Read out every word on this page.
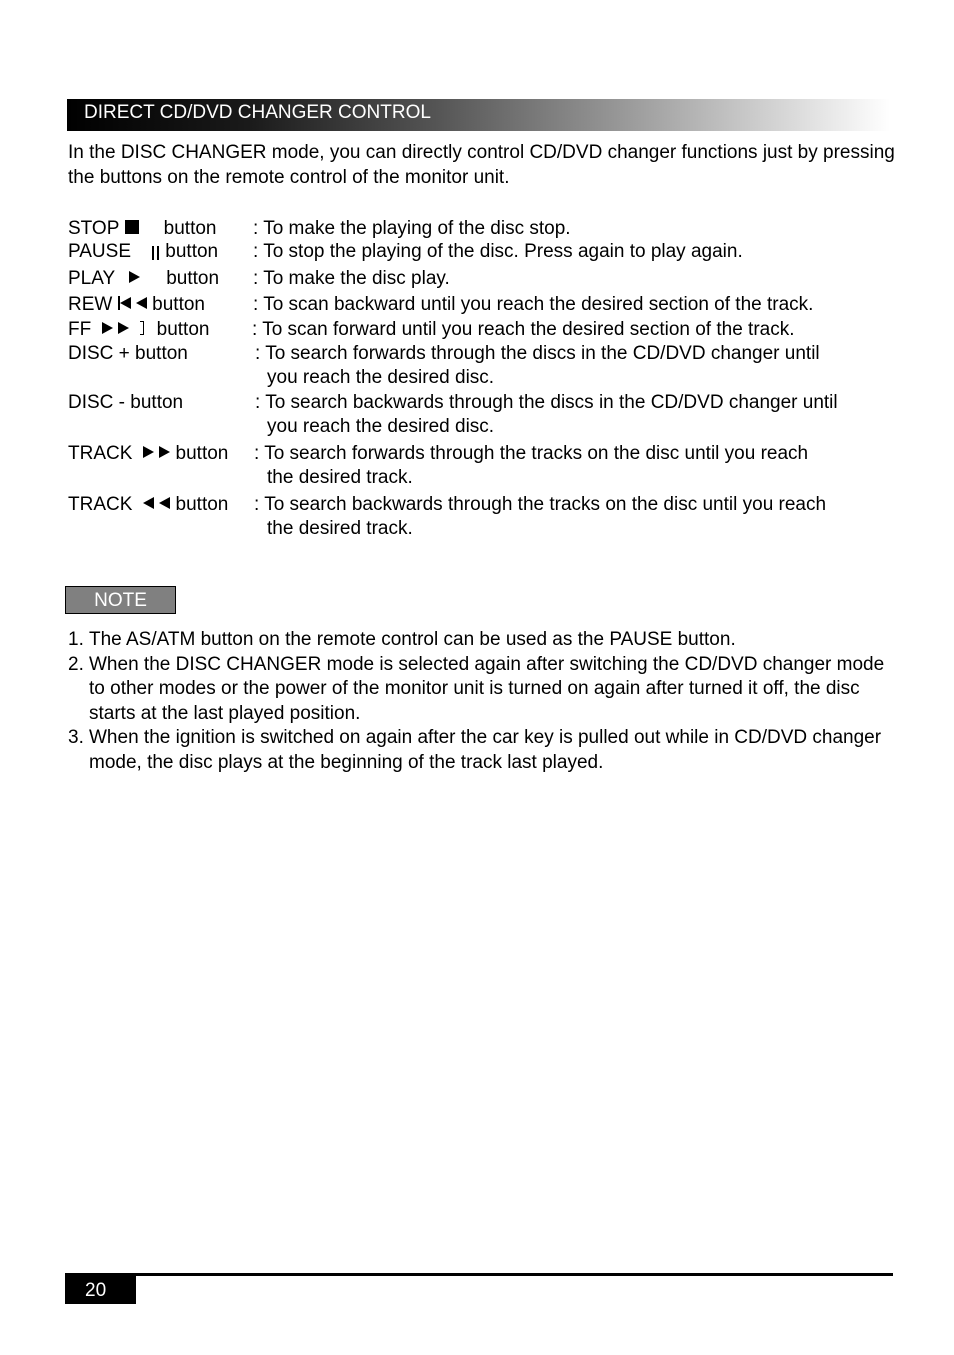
DIRECT CD/DVD CHANGER CONTROL

In the DISC CHANGER mode, you can directly control CD/DVD changer functions just by pressing the buttons on the remote control of the monitor unit.

STOP button : To make the playing of the disc stop.
PAUSE button : To stop the playing of the disc. Press again to play again.
PLAY	button : To make the disc play.
REW button	: To scan backward until you reach the desired section of the track.
FF	button : To scan forward until you reach the desired section of the track.
DISC + button	: To search forwards through the discs in the CD/DVD changer until
you reach the desired disc.
DISC - button	: To search backwards through the discs in the CD/DVD changer until
you reach the desired disc.
TRACK button : To search forwards through the tracks on the disc until you reach
the desired track.
TRACK button : To search backwards through the tracks on the disc until you reach
the desired track.
NOTE
1. The AS/ATM button on the remote control can be used as the PAUSE button.
2. When the DISC CHANGER mode is selected again after switching the CD/DVD changer mode to other modes or the power of the monitor unit is turned on again after turned it off, the disc starts at the last played position.
3. When the ignition is switched on again after the car key is pulled out while in CD/DVD changer mode, the disc plays at the beginning of the track last played.
20
